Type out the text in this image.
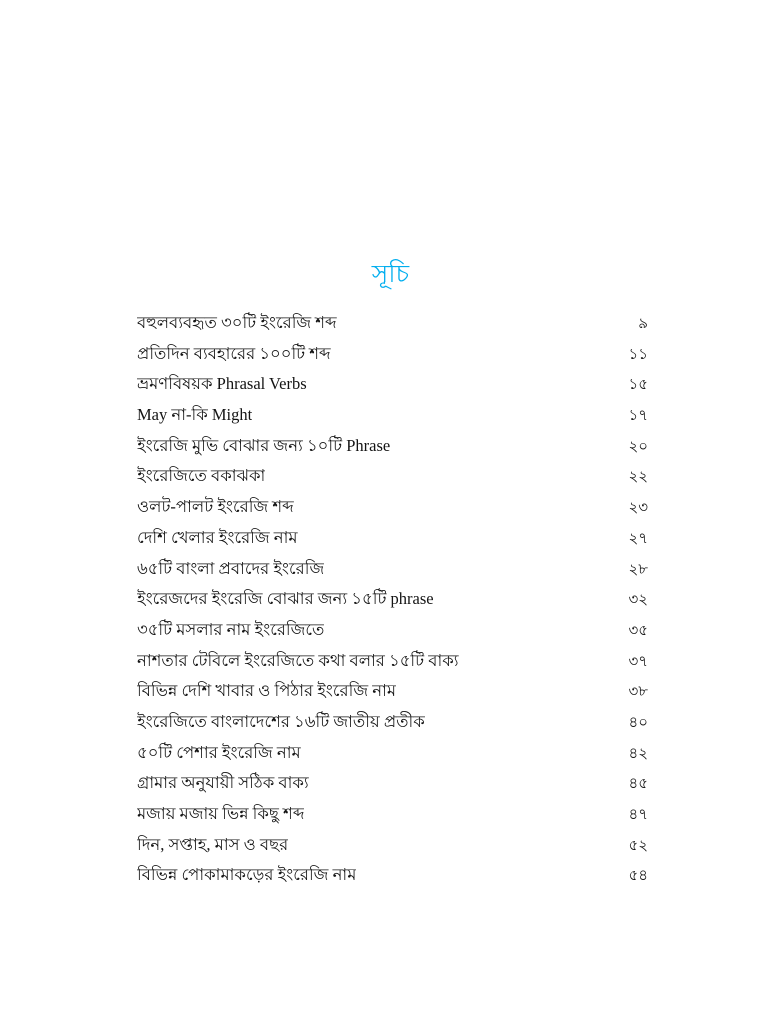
সূচি
বহুলব্যবহৃত ৩০টি ইংরেজি শব্দ	৯
প্রতিদিন ব্যবহারের ১০০টি শব্দ	১১
ভ্রমণবিষয়ক Phrasal Verbs	১৫
May না-কি Might	১৭
ইংরেজি মুভি বোঝার জন্য ১০টি Phrase	২০
ইংরেজিতে বকাঝকা	২২
ওলট-পালট ইংরেজি শব্দ	২৩
দেশি খেলার ইংরেজি নাম	২৭
৬৫টি বাংলা প্রবাদের ইংরেজি	২৮
ইংরেজদের ইংরেজি বোঝার জন্য ১৫টি phrase	৩২
৩৫টি মসলার নাম ইংরেজিতে	৩৫
নাশতার টেবিলে ইংরেজিতে কথা বলার ১৫টি বাক্য	৩৭
বিভিন্ন দেশি খাবার ও পিঠার ইংরেজি নাম	৩৮
ইংরেজিতে বাংলাদেশের ১৬টি জাতীয় প্রতীক	৪০
৫০টি পেশার ইংরেজি নাম	৪২
গ্রামার অনুযায়ী সঠিক বাক্য	৪৫
মজায় মজায় ভিন্ন কিছু শব্দ	৪৭
দিন, সপ্তাহ, মাস ও বছর	৫২
বিভিন্ন পোকামাকড়ের ইংরেজি নাম	৫৪
